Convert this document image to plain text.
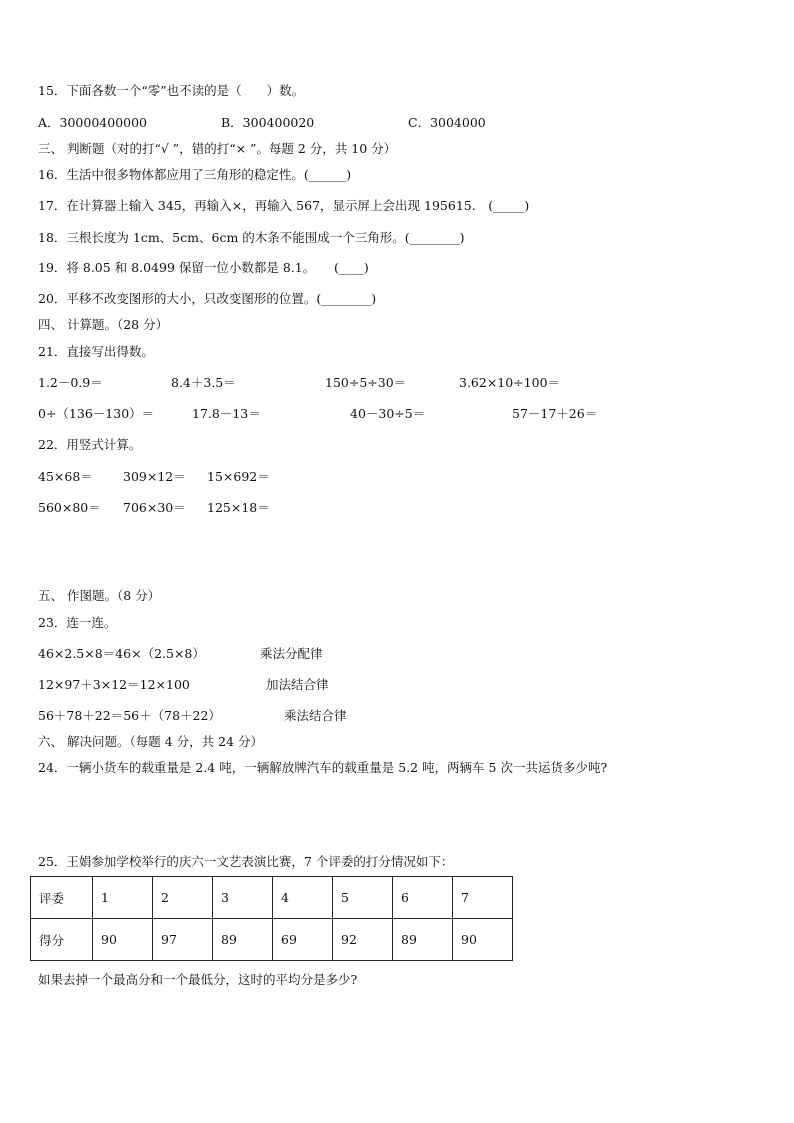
15．下面各数一个“零”也不读的是（　　）数。
A．30000400000	B．300400020	C．3004000
三、 判断题（对的打“√ ”，错的打“× ”。每题 2 分，共 10 分）
16．生活中很多物体都应用了三角形的稳定性。(______)
17．在计算器上输入 345，再输入×，再输入 567，显示屏上会出现 195615.　(_____)
18．三根长度为 1cm、5cm、6cm 的木条不能围成一个三角形。(________)
19．将 8.05 和 8.0499 保留一位小数都是 8.1。　　(____)
20．平移不改变图形的大小，只改变图形的位置。(________)
四、 计算题。（28 分）
21．直接写出得数。
1.2－0.9＝	8.4＋3.5＝	150÷5÷30＝	3.62×10÷100＝
0÷（136－130）＝	17.8－13＝	40－30÷5＝	57－17＋26＝
22．用竖式计算。
45×68＝ 309×12＝ 15×692＝
560×80＝ 706×30＝ 125×18＝
五、 作图题。（8 分）
23．连一连。
46×2.5×8＝46×（2.5×8）	乘法分配律
12×97＋3×12＝12×100	加法结合律
56＋78＋22＝56＋（78＋22）	乘法结合律
六、 解决问题。（每题 4 分，共 24 分）
24．一辆小货车的载重量是 2.4 吨，一辆解放牌汽车的载重量是 5.2 吨，两辆车 5 次一共运货多少吨?
25．王娟参加学校举行的庆六一文艺表演比赛，7 个评委的打分情况如下：
评委	1	2	3	4	5	6	7
得分	90	97	89	69	92	89	90
如果去掉一个最高分和一个最低分，这时的平均分是多少?
